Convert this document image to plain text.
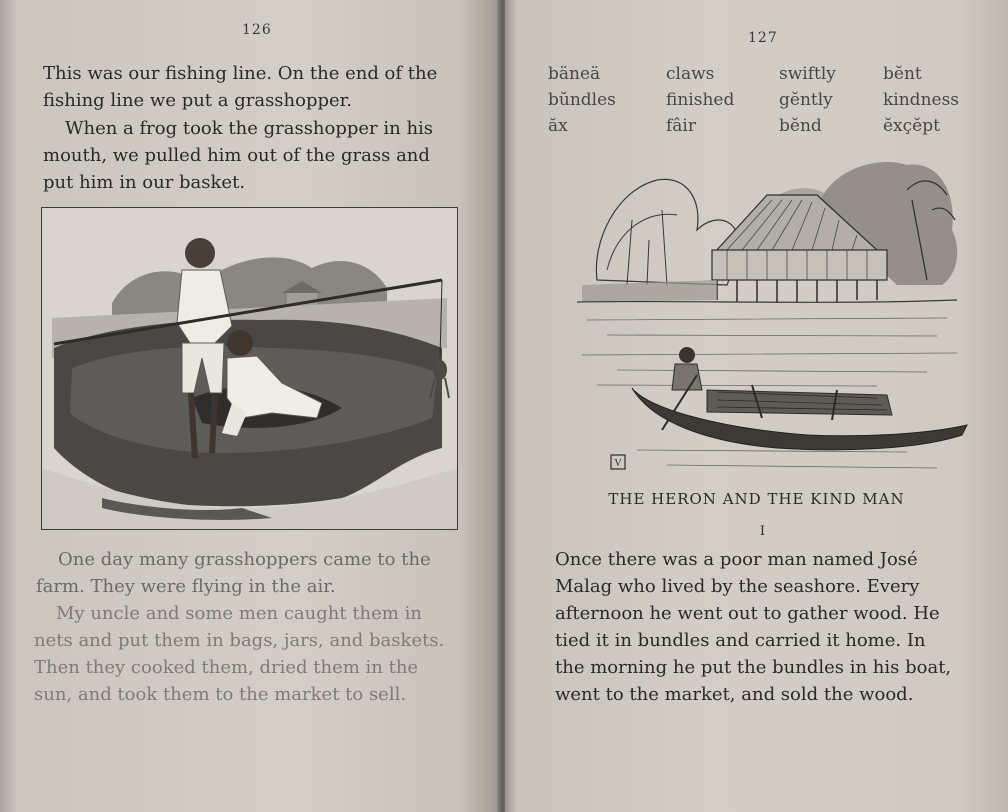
126

This was our fishing line. On the end of the
fishing line we put a grasshopper.

When a frog took the grasshopper in his
mouth, we pulled him out of the grass and
put him in our basket.

One day many grasshoppers came to the
farm. They were flying in the air.

My uncle and some men caught them in
nets and put them in bags, jars, and baskets.
Then they cooked them, dried them in the
sun, and took them to the market to sell.

127
bäneä	claws	swiftly	bĕnt
bŭndles	finished	gĕntly	kindness
ăx	fâir	bĕnd	ĕxçĕpt
V
THE HERON AND THE KIND MAN
I

Once there was a poor man named José
Malag who lived by the seashore. Every
afternoon he went out to gather wood. He
tied it in bundles and carried it home. In
the morning he put the bundles in his boat,
went to the market, and sold the wood.
